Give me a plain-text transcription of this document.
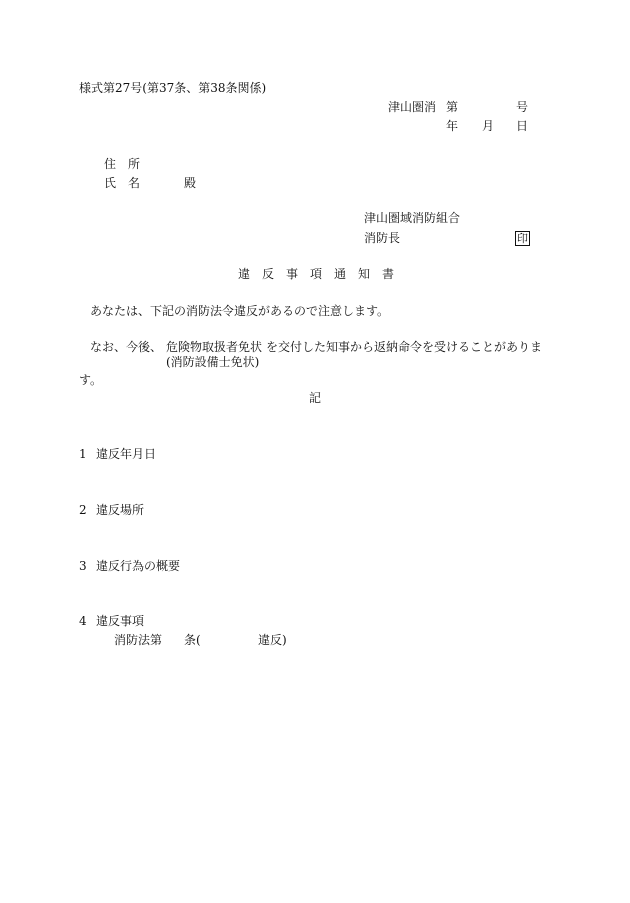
様式第27号(第37条、第38条関係)
津山圏消 第	号
年 月 日
住　所
氏　名	殿
津山圏域消防組合
消防長	印
違　反　事　項　通　知　書
あなたは、下記の消防法令違反があるので注意します。
なお、今後、 危険物取扱者免状
(消防設備士免状)
を交付した知事から返納命令を受けることがありま
す。
記
1 違反年月日
2 違反場所
3 違反行為の概要
4 違反事項
消防法第 条(	違反)
